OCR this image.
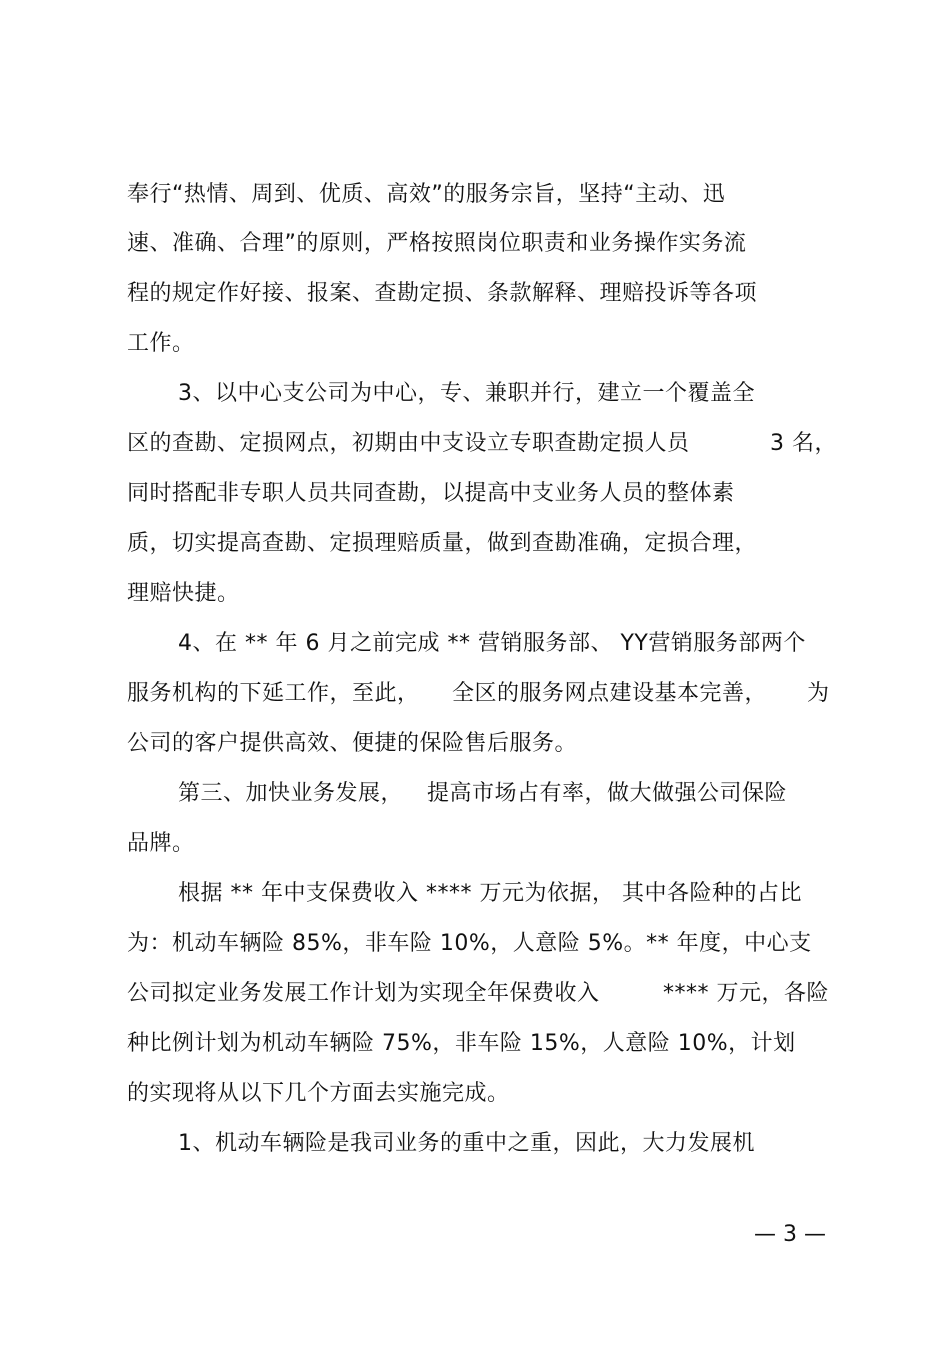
奉行“热情、周到、优质、高效”的服务宗旨，坚持“主动、迅
速、准确、合理”的原则，严格按照岗位职责和业务操作实务流
程的规定作好接、报案、查勘定损、条款解释、理赔投诉等各项
工作。
3、以中心支公司为中心，专、兼职并行，建立一个覆盖全
区的查勘、定损网点，初期由中支设立专职查勘定损人员	3 名，
同时搭配非专职人员共同查勘，以提高中支业务人员的整体素
质，切实提高查勘、定损理赔质量，做到查勘准确，定损合理，
理赔快捷。
4、在 ** 年 6 月之前完成 ** 营销服务部、 YY营销服务部两个
服务机构的下延工作，至此， 全区的服务网点建设基本完善， 为
公司的客户提供高效、便捷的保险售后服务。
第三、加快业务发展， 提高市场占有率，做大做强公司保险
品牌。
根据 ** 年中支保费收入 **** 万元为依据， 其中各险种的占比
为：机动车辆险 85%，非车险 10%，人意险 5%。** 年度，中心支
公司拟定业务发展工作计划为实现全年保费收入	**** 万元，各险
种比例计划为机动车辆险 75%，非车险 15%，人意险 10%，计划
的实现将从以下几个方面去实施完成。
1、机动车辆险是我司业务的重中之重，因此，大力发展机
— 3 —
